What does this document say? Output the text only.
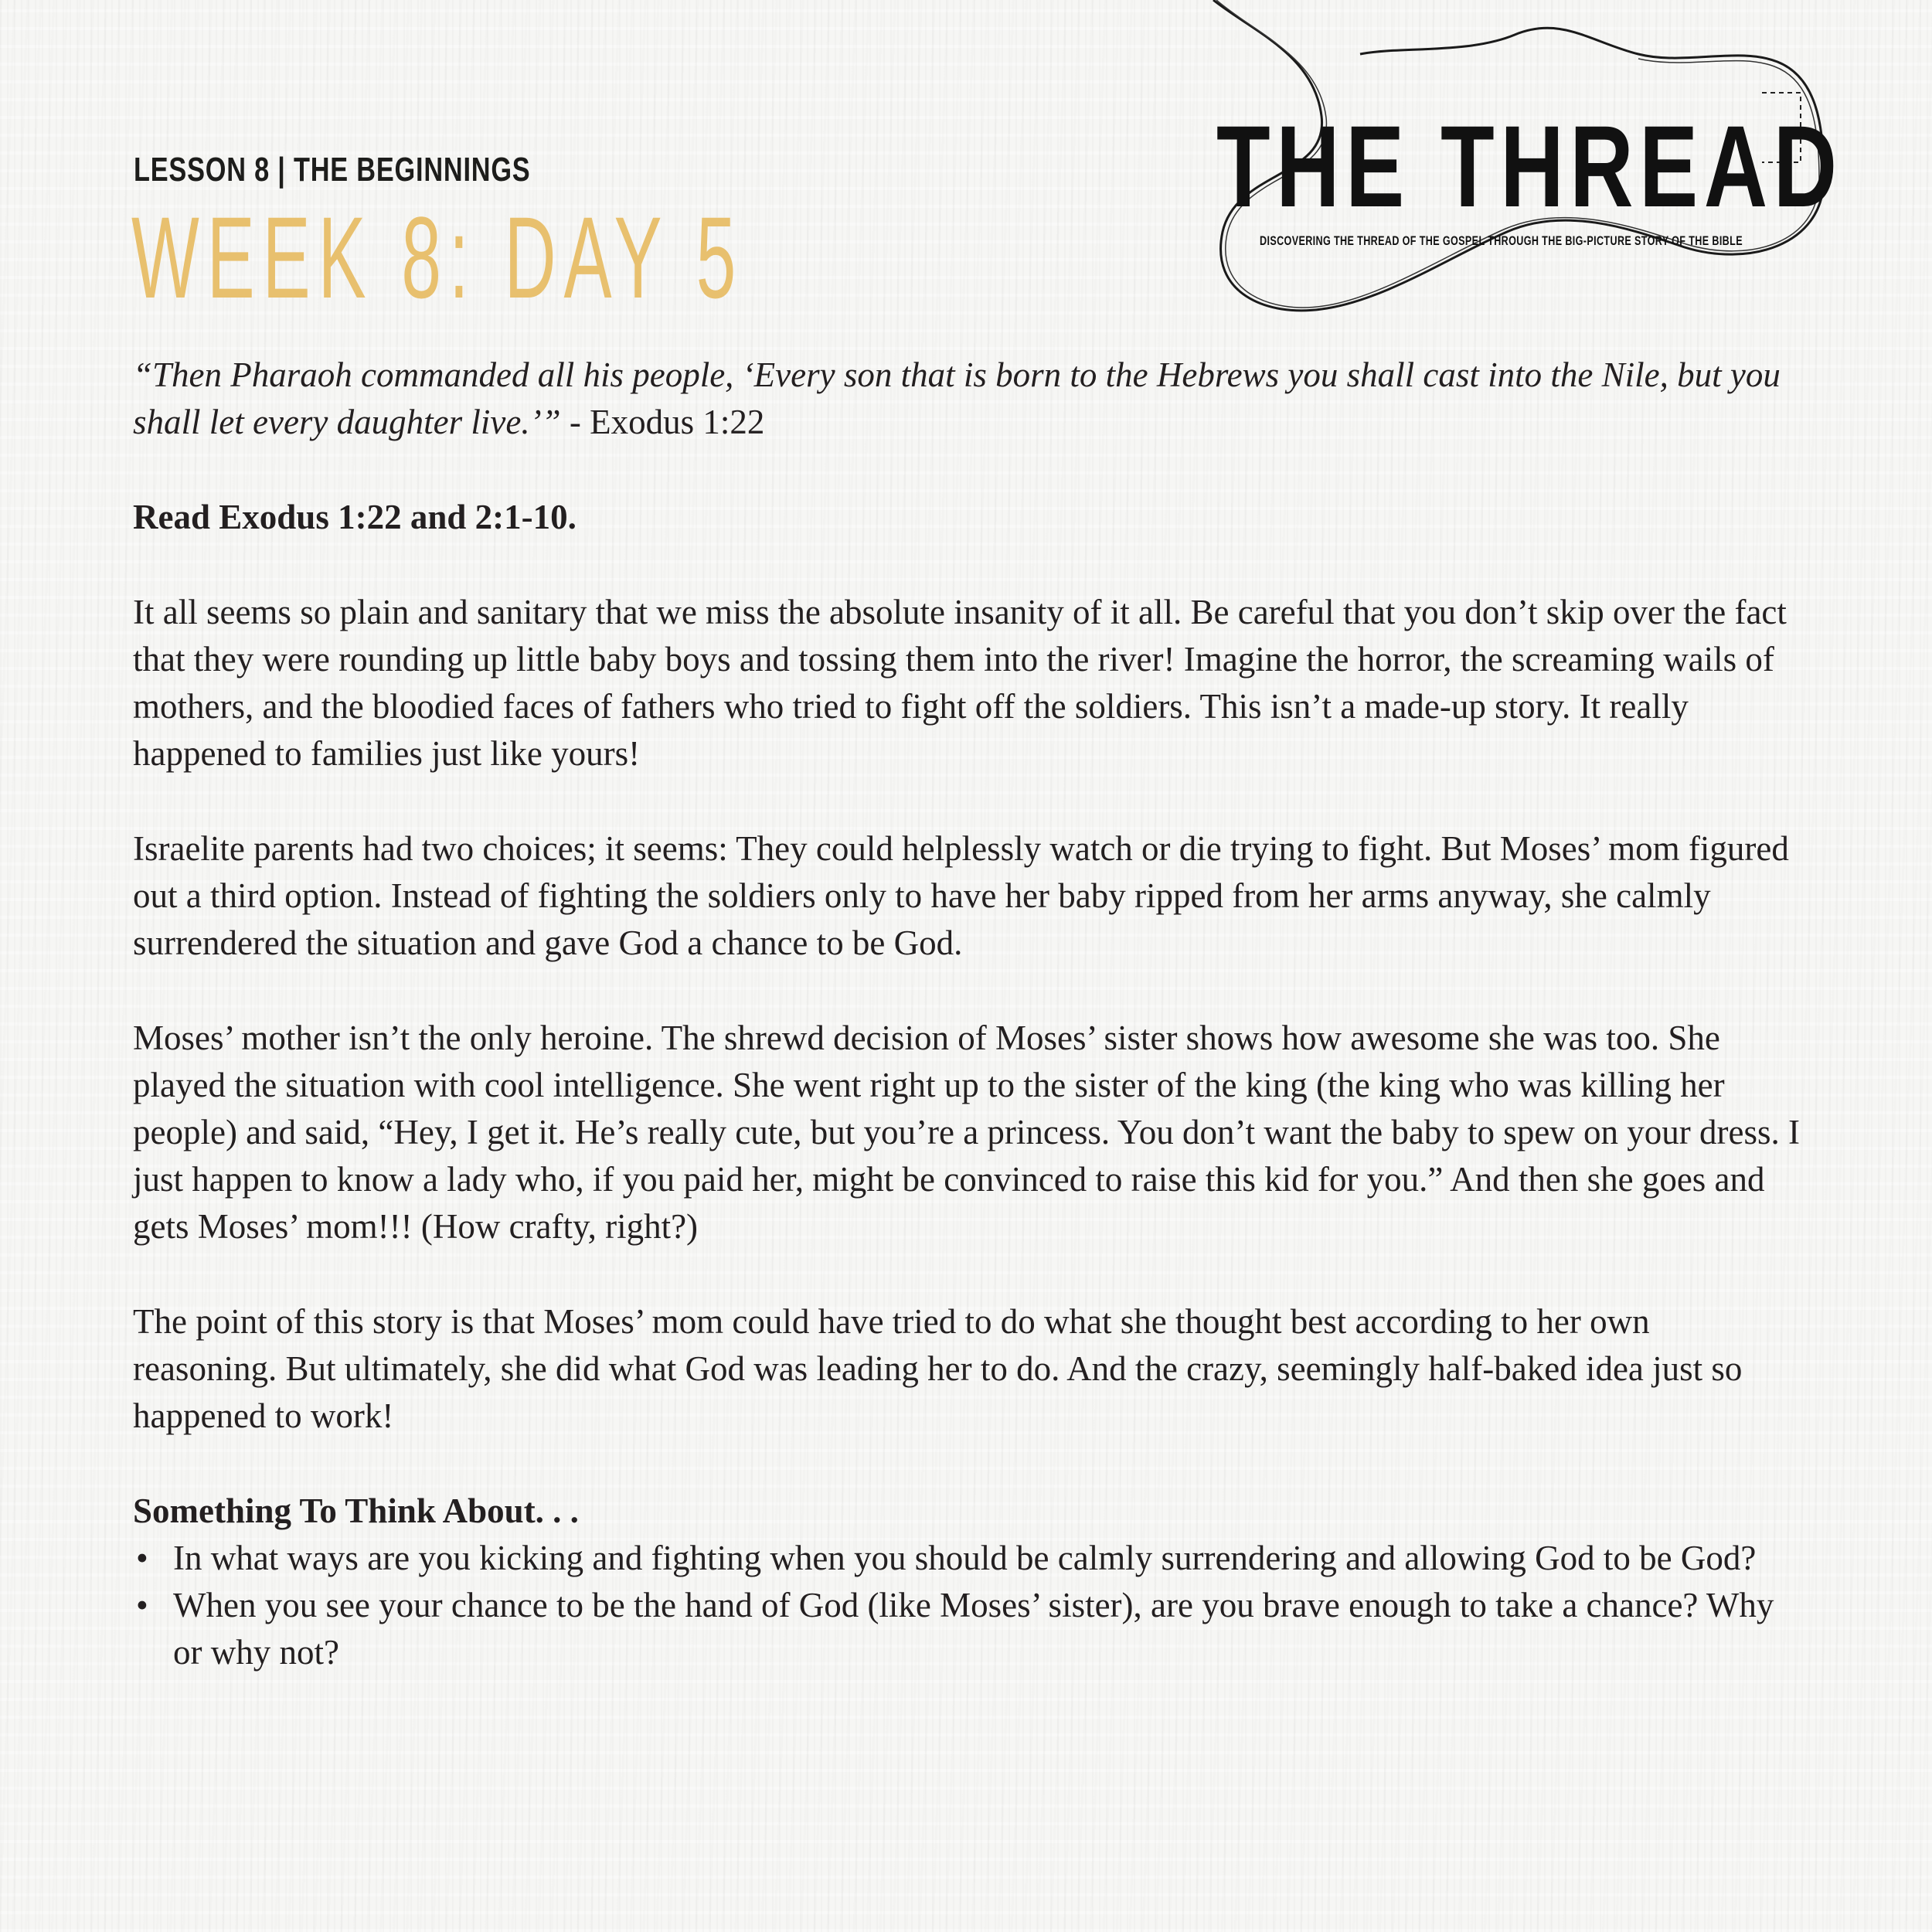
LESSON 8 | THE BEGINNINGS
WEEK 8: DAY 5
THE THREAD
DISCOVERING THE THREAD OF THE GOSPEL THROUGH THE BIG-PICTURE STORY OF THE BIBLE

“Then Pharaoh commanded all his people, ‘Every son that is born to the Hebrews you shall cast into the Nile, but you shall let every daughter live.’” - Exodus 1:22

Read Exodus 1:22 and 2:1-10.

It all seems so plain and sanitary that we miss the absolute insanity of it all. Be careful that you don’t skip over the fact that they were rounding up little baby boys and tossing them into the river! Imagine the horror, the screaming wails of mothers, and the bloodied faces of fathers who tried to fight off the soldiers. This isn’t a made-up story. It really happened to families just like yours!

Israelite parents had two choices; it seems: They could helplessly watch or die trying to fight. But Moses’ mom figured out a third option. Instead of fighting the soldiers only to have her baby ripped from her arms anyway, she calmly surrendered the situation and gave God a chance to be God.

Moses’ mother isn’t the only heroine. The shrewd decision of Moses’ sister shows how awesome she was too. She played the situation with cool intelligence. She went right up to the sister of the king (the king who was killing her people) and said, “Hey, I get it. He’s really cute, but you’re a princess. You don’t want the baby to spew on your dress. I just happen to know a lady who, if you paid her, might be convinced to raise this kid for you.” And then she goes and gets Moses’ mom!!! (How crafty, right?)

The point of this story is that Moses’ mom could have tried to do what she thought best according to her own reasoning. But ultimately, she did what God was leading her to do. And the crazy, seemingly half-baked idea just so happened to work!

Something To Think About. . .
• In what ways are you kicking and fighting when you should be calmly surrendering and allowing God to be God?
• When you see your chance to be the hand of God (like Moses’ sister), are you brave enough to take a chance? Why or why not?
